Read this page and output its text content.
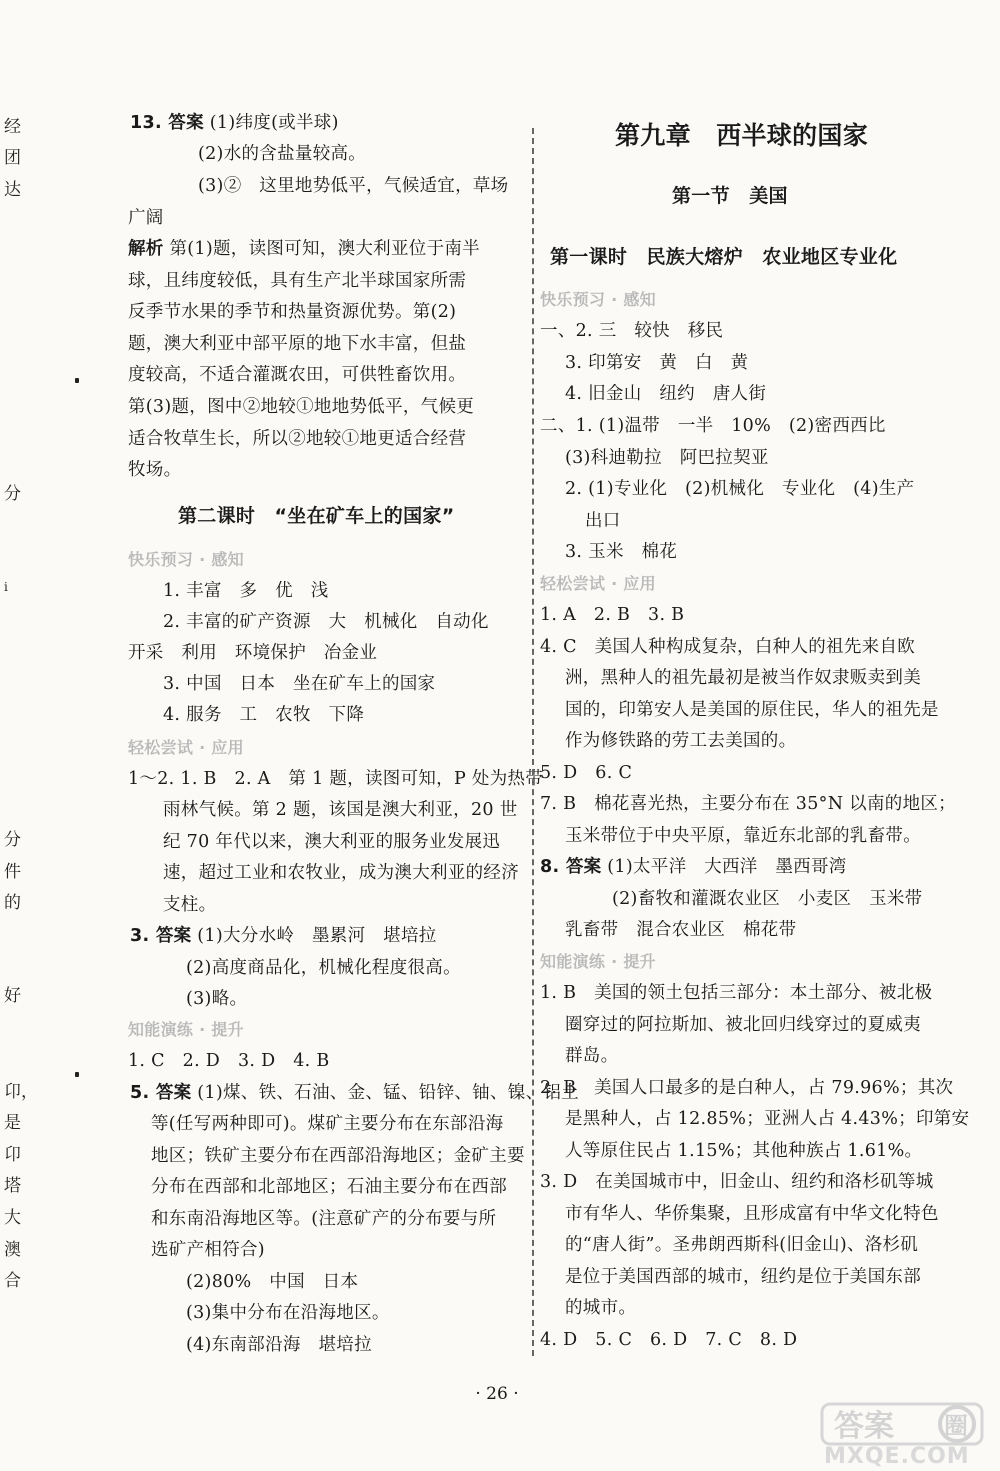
经
团
达
分
i
分
件
的
好
卬，
是
卬
塔
大
澳
合
13. 答案 (1)纬度(或半球)
(2)水的含盐量较高。
(3)②　这里地势低平，气候适宜，草场
广阔
解析 第(1)题，读图可知，澳大利亚位于南半
球，且纬度较低，具有生产北半球国家所需
反季节水果的季节和热量资源优势。第(2)
题，澳大利亚中部平原的地下水丰富，但盐
度较高，不适合灌溉农田，可供牲畜饮用。
第(3)题，图中②地较①地地势低平，气候更
适合牧草生长，所以②地较①地更适合经营
牧场。
第二课时　“坐在矿车上的国家”
快乐预习 · 感知
1. 丰富　多　优　浅
2. 丰富的矿产资源　大　机械化　自动化
开采　利用　环境保护　冶金业
3. 中国　日本　坐在矿车上的国家
4. 服务　工　农牧　下降
轻松尝试 · 应用
1～2. 1. B　2. A　第 1 题，读图可知，P 处为热带
雨林气候。第 2 题，该国是澳大利亚，20 世
纪 70 年代以来，澳大利亚的服务业发展迅
速，超过工业和农牧业，成为澳大利亚的经济
支柱。
3. 答案 (1)大分水岭　墨累河　堪培拉
(2)高度商品化，机械化程度很高。
(3)略。
知能演练 · 提升
1. C　2. D　3. D　4. B
5. 答案 (1)煤、铁、石油、金、锰、铅锌、铀、镍、铝土
等(任写两种即可)。煤矿主要分布在东部沿海
地区；铁矿主要分布在西部沿海地区；金矿主要
分布在西部和北部地区；石油主要分布在西部
和东南沿海地区等。(注意矿产的分布要与所
选矿产相符合)
(2)80%　中国　日本
(3)集中分布在沿海地区。
(4)东南部沿海　堪培拉
第九章　西半球的国家
第一节　美国
第一课时　民族大熔炉　农业地区专业化
快乐预习 · 感知
一、2. 三　较快　移民
3. 印第安　黄　白　黄
4. 旧金山　纽约　唐人街
二、1. (1)温带　一半　10%　(2)密西西比
(3)科迪勒拉　阿巴拉契亚
2. (1)专业化　(2)机械化　专业化　(4)生产
出口
3. 玉米　棉花
轻松尝试 · 应用
1. A　2. B　3. B
4. C　美国人种构成复杂，白种人的祖先来自欧
洲，黑种人的祖先最初是被当作奴隶贩卖到美
国的，印第安人是美国的原住民，华人的祖先是
作为修铁路的劳工去美国的。
5. D　6. C
7. B　棉花喜光热，主要分布在 35°N 以南的地区；
玉米带位于中央平原，靠近东北部的乳畜带。
8. 答案 (1)太平洋　大西洋　墨西哥湾
(2)畜牧和灌溉农业区　小麦区　玉米带
乳畜带　混合农业区　棉花带
知能演练 · 提升
1. B　美国的领土包括三部分：本土部分、被北极
圈穿过的阿拉斯加、被北回归线穿过的夏威夷
群岛。
2. B　美国人口最多的是白种人，占 79.96%；其次
是黑种人，占 12.85%；亚洲人占 4.43%；印第安
人等原住民占 1.15%；其他种族占 1.61%。
3. D　在美国城市中，旧金山、纽约和洛杉矶等城
市有华人、华侨集聚，且形成富有中华文化特色
的“唐人街”。圣弗朗西斯科(旧金山)、洛杉矶
是位于美国西部的城市，纽约是位于美国东部
的城市。
4. D　5. C　6. D　7. C　8. D
· 26 ·
答案 圈
MXQE.COM
